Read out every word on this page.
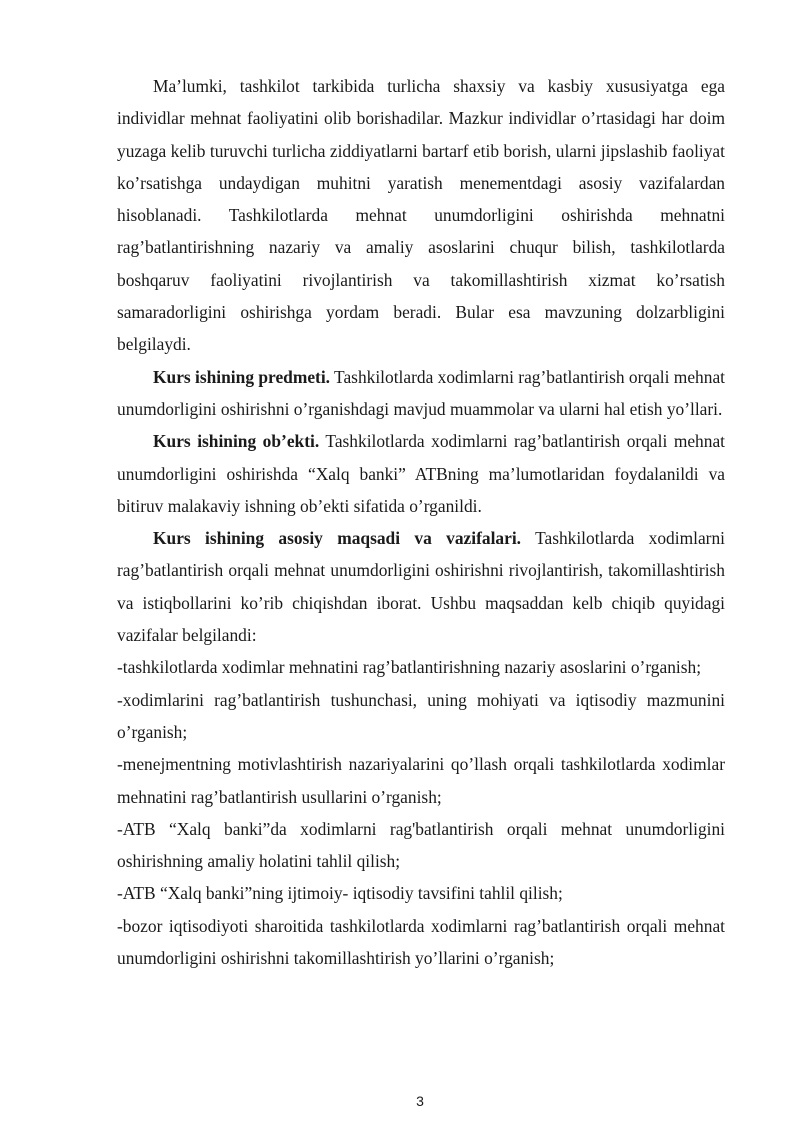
Ma’lumki, tashkilot tarkibida turlicha shaxsiy va kasbiy xususiyatga ega individlar mehnat faoliyatini olib borishadilar. Mazkur individlar o’rtasidagi har doim yuzaga kelib turuvchi turlicha ziddiyatlarni bartarf etib borish, ularni jipslashib faoliyat ko’rsatishga undaydigan muhitni yaratish menementdagi asosiy vazifalardan hisoblanadi. Tashkilotlarda mehnat unumdorligini oshirishda mehnatni rag’batlantirishning nazariy va amaliy asoslarini chuqur bilish, tashkilotlarda boshqaruv faoliyatini rivojlantirish va takomillashtirish xizmat ko’rsatish samaradorligini oshirishga yordam beradi. Bular esa mavzuning dolzarbligini belgilaydi.

Kurs ishining predmeti. Tashkilotlarda xodimlarni rag’batlantirish orqali mehnat unumdorligini oshirishni o’rganishdagi mavjud muammolar va ularni hal etish yo’llari.

Kurs ishining ob’ekti. Tashkilotlarda xodimlarni rag’batlantirish orqali mehnat unumdorligini oshirishda “Xalq banki” ATBning ma’lumotlaridan foydalanildi va bitiruv malakaviy ishning ob’ekti sifatida o’rganildi.

Kurs ishining asosiy maqsadi va vazifalari. Tashkilotlarda xodimlarni rag’batlantirish orqali mehnat unumdorligini oshirishni rivojlantirish, takomillashtirish va istiqbollarini ko’rib chiqishdan iborat. Ushbu maqsaddan kelb chiqib quyidagi vazifalar belgilandi:

-tashkilotlarda xodimlar mehnatini rag’batlantirishning nazariy asoslarini o’rganish;

-xodimlarini rag’batlantirish tushunchasi, uning mohiyati va iqtisodiy mazmunini o’rganish;

-menejmentning motivlashtirish nazariyalarini qo’llash orqali tashkilotlarda xodimlar mehnatini rag’batlantirish usullarini o’rganish;

-ATB “Xalq banki”da xodimlarni rag'batlantirish orqali mehnat unumdorligini oshirishning amaliy holatini tahlil qilish;

-ATB “Xalq banki”ning ijtimoiy- iqtisodiy tavsifini tahlil qilish;

-bozor iqtisodiyoti sharoitida tashkilotlarda xodimlarni rag’batlantirish orqali mehnat unumdorligini oshirishni takomillashtirish yo’llarini o’rganish;

3
